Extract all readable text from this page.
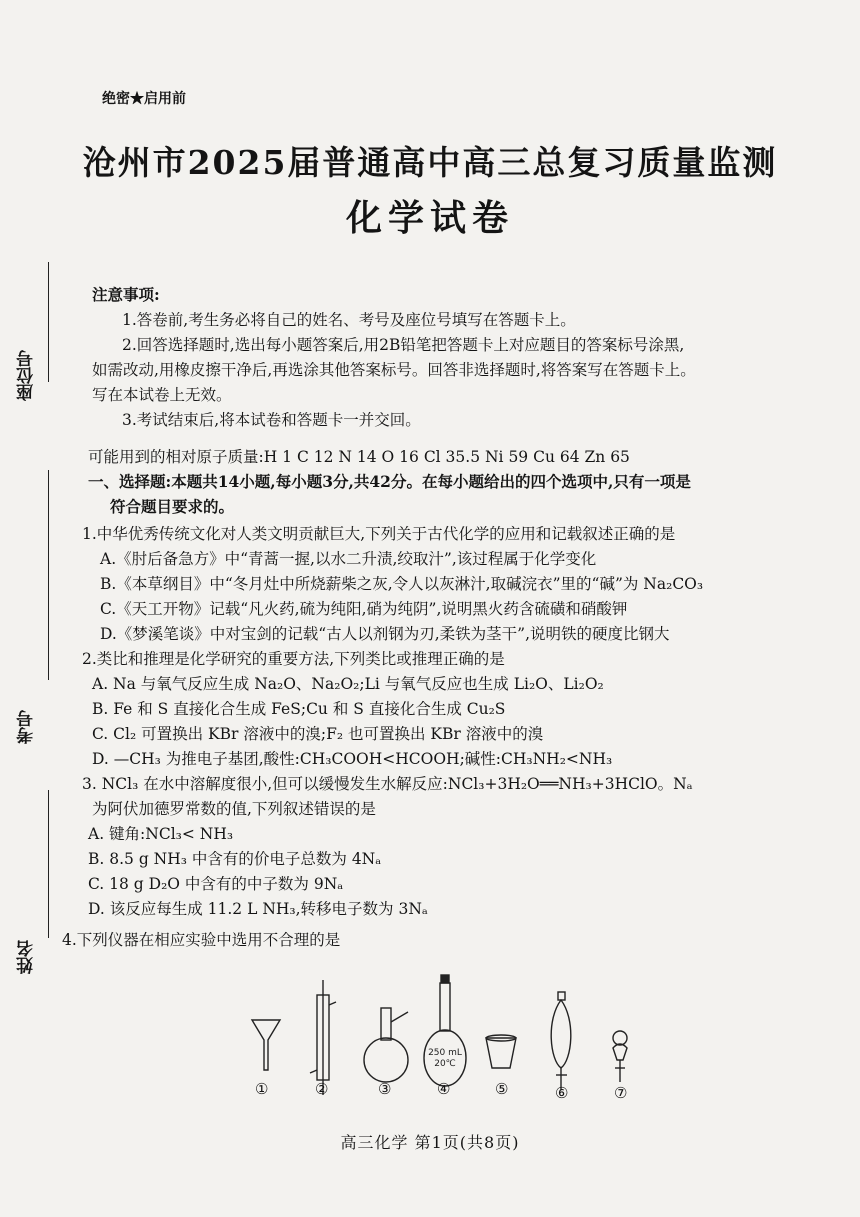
绝密★启用前
沧州市2025届普通高中高三总复习质量监测
化学试卷
座位号
考号
姓名
注意事项:
1.答卷前,考生务必将自己的姓名、考号及座位号填写在答题卡上。
2.回答选择题时,选出每小题答案后,用2B铅笔把答题卡上对应题目的答案标号涂黑,
如需改动,用橡皮擦干净后,再选涂其他答案标号。回答非选择题时,将答案写在答题卡上。
写在本试卷上无效。
3.考试结束后,将本试卷和答题卡一并交回。
可能用到的相对原子质量:H 1 C 12 N 14 O 16 Cl 35.5 Ni 59 Cu 64 Zn 65
一、选择题:本题共14小题,每小题3分,共42分。在每小题给出的四个选项中,只有一项是
符合题目要求的。
1.中华优秀传统文化对人类文明贡献巨大,下列关于古代化学的应用和记载叙述正确的是
A.《肘后备急方》中“青蒿一握,以水二升渍,绞取汁”,该过程属于化学变化
B.《本草纲目》中“冬月灶中所烧薪柴之灰,令人以灰淋汁,取碱浣衣”里的“碱”为 Na₂CO₃
C.《天工开物》记载“凡火药,硫为纯阳,硝为纯阴”,说明黑火药含硫磺和硝酸钾
D.《梦溪笔谈》中对宝剑的记载“古人以剂钢为刃,柔铁为茎干”,说明铁的硬度比钢大
2.类比和推理是化学研究的重要方法,下列类比或推理正确的是
A. Na 与氧气反应生成 Na₂O、Na₂O₂;Li 与氧气反应也生成 Li₂O、Li₂O₂
B. Fe 和 S 直接化合生成 FeS;Cu 和 S 直接化合生成 Cu₂S
C. Cl₂ 可置换出 KBr 溶液中的溴;F₂ 也可置换出 KBr 溶液中的溴
D. —CH₃ 为推电子基团,酸性:CH₃COOH<HCOOH;碱性:CH₃NH₂<NH₃
3. NCl₃ 在水中溶解度很小,但可以缓慢发生水解反应:NCl₃+3H₂O══NH₃+3HClO。Nₐ
为阿伏加德罗常数的值,下列叙述错误的是
A. 键角:NCl₃< NH₃
B. 8.5 g NH₃ 中含有的价电子总数为 4Nₐ
C. 18 g D₂O 中含有的中子数为 9Nₐ
D. 该反应每生成 11.2 L NH₃,转移电子数为 3Nₐ
4.下列仪器在相应实验中选用不合理的是
250 mL
20℃
①	②	③	④	⑤	⑥	⑦
高三化学 第1页(共8页)
